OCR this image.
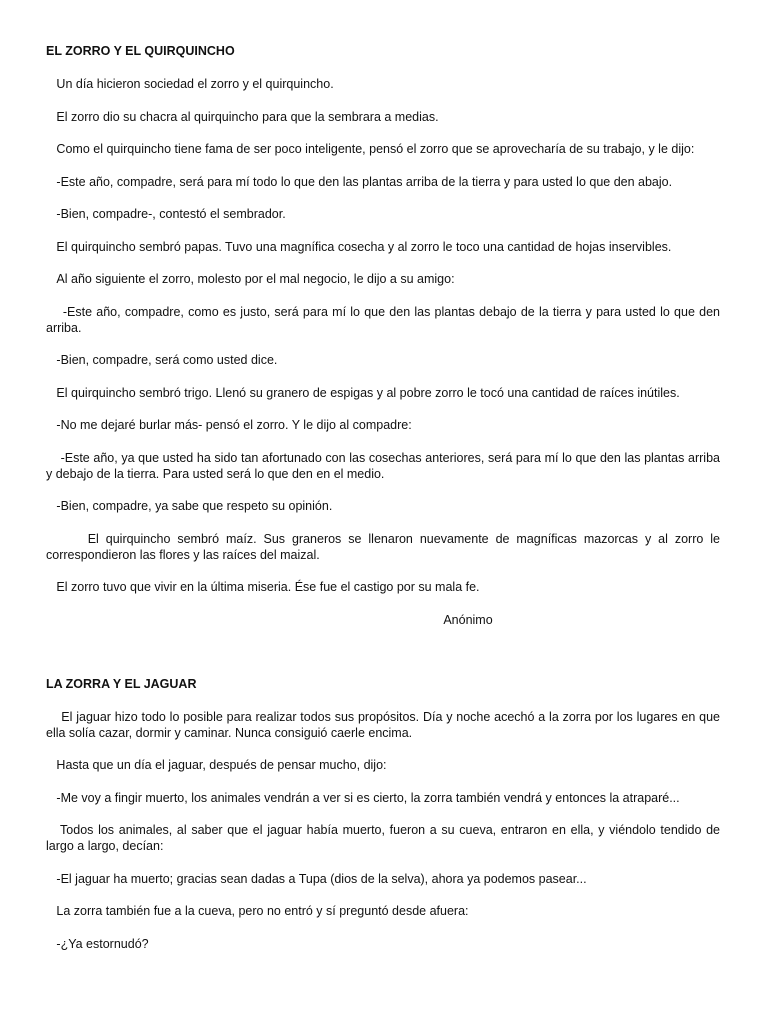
EL ZORRO Y EL QUIRQUINCHO
Un día hicieron sociedad el zorro y el quirquincho.
El zorro dio su chacra al quirquincho para que la sembrara a medias.
Como el quirquincho tiene fama de ser poco inteligente, pensó el zorro que se aprovecharía de su trabajo, y le dijo:
-Este año, compadre, será para mí todo lo que den las plantas arriba de la tierra y para usted lo que den abajo.
-Bien, compadre-, contestó el sembrador.
El quirquincho sembró papas. Tuvo una magnífica cosecha y al zorro le toco una cantidad de hojas inservibles.
Al año siguiente el zorro, molesto por el mal negocio, le dijo a su amigo:
-Este año, compadre, como es justo, será para mí lo que den las plantas debajo de la tierra y para usted lo que den arriba.
-Bien, compadre, será como usted dice.
El quirquincho sembró trigo. Llenó su granero de espigas y al pobre zorro le tocó una cantidad de raíces inútiles.
-No me dejaré burlar más- pensó el zorro. Y le dijo al compadre:
-Este año, ya que usted ha sido tan afortunado con las cosechas anteriores, será para mí lo que den las plantas arriba y debajo de la tierra. Para usted será lo que den en el medio.
-Bien, compadre, ya sabe que respeto su opinión.
El quirquincho sembró maíz. Sus graneros se llenaron nuevamente de magníficas mazorcas y al zorro le correspondieron las flores y las raíces del maizal.
El zorro tuvo que vivir en la última miseria. Ése fue el castigo por su mala fe.
Anónimo
LA ZORRA Y EL JAGUAR
El jaguar hizo todo lo posible para realizar todos sus propósitos. Día y noche acechó a la zorra por los lugares en que ella solía cazar, dormir y caminar. Nunca consiguió caerle encima.
Hasta que un día el jaguar, después de pensar mucho, dijo:
-Me voy a fingir muerto, los animales vendrán a ver si es cierto, la zorra también vendrá y entonces la atraparé...
Todos los animales, al saber que el jaguar había muerto, fueron a su cueva, entraron en ella, y viéndolo tendido de largo a largo, decían:
-El jaguar ha muerto; gracias sean dadas a Tupa (dios de la selva), ahora ya podemos pasear...
La zorra también fue a la cueva, pero no entró y sí preguntó desde afuera:
-¿Ya estornudó?
